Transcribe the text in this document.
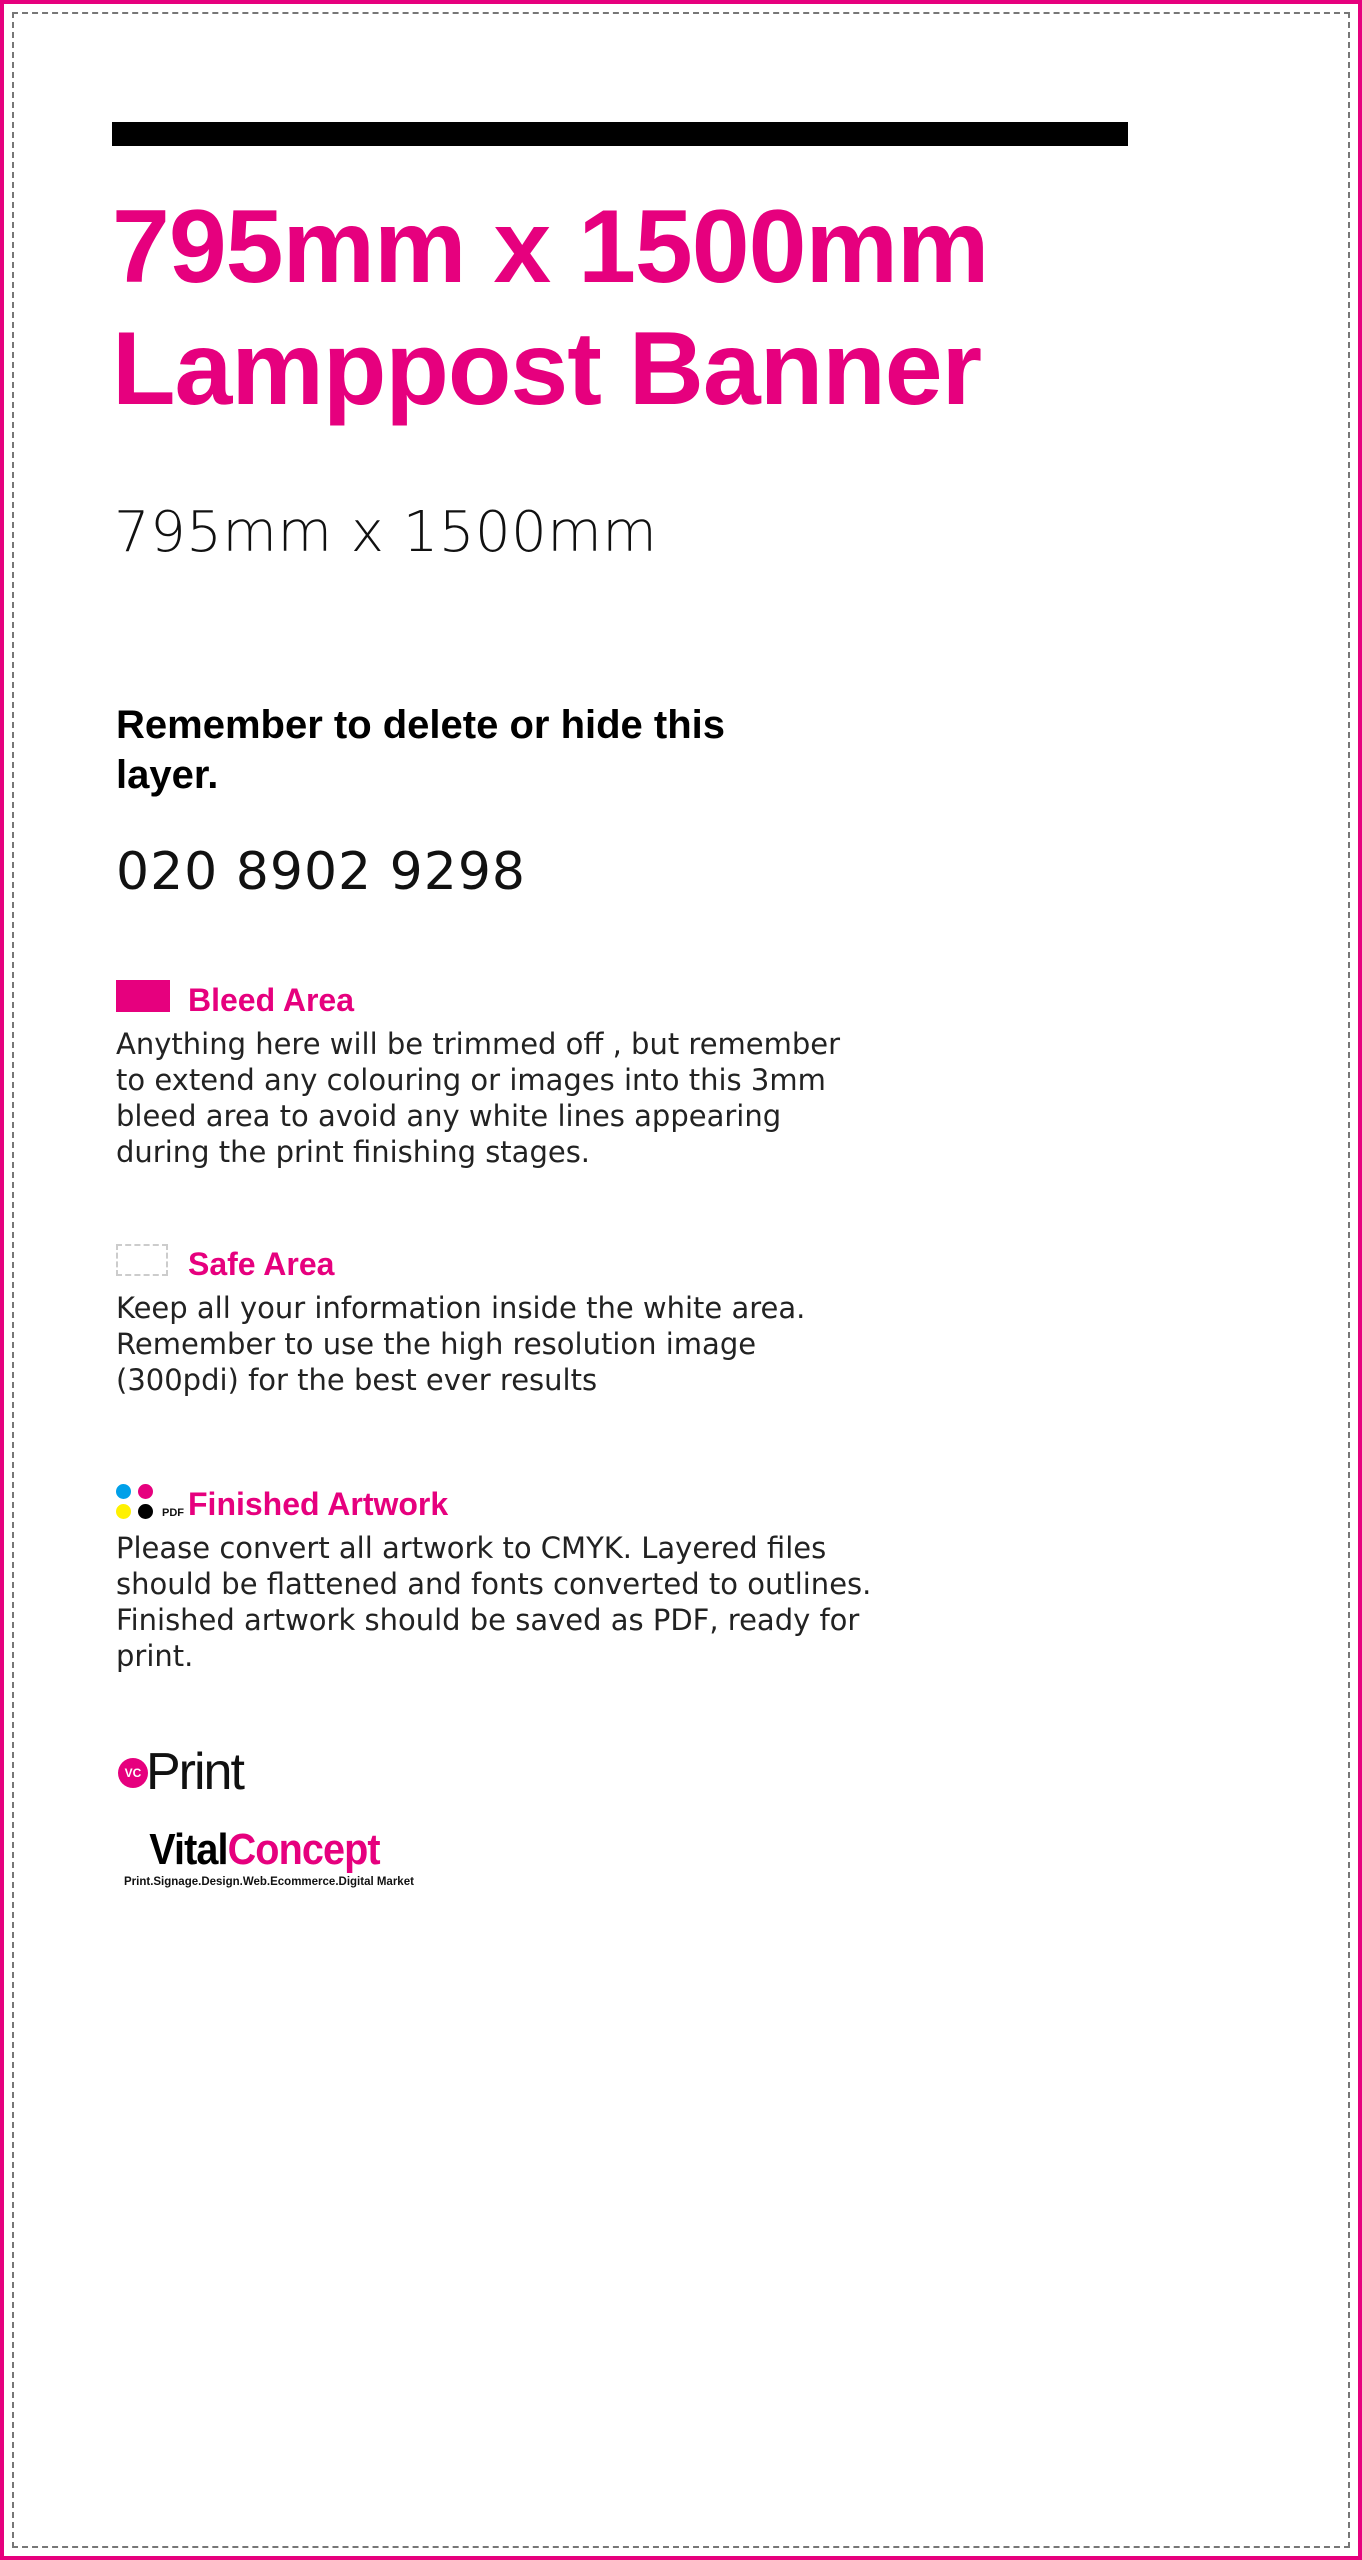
795mm x 1500mm
Lamppost Banner
795mm x 1500mm
Remember to delete or hide this layer.
020 8902 9298
Bleed Area
Anything here will be trimmed off , but remember to extend any colouring or images into this 3mm bleed area to avoid any white lines appearing during the print finishing stages.
Safe Area
Keep all your information inside the white area. Remember to use the high resolution image (300pdi) for the best ever results
PDF Finished Artwork
Please convert all artwork to CMYK. Layered files should be flattened and fonts converted to outlines. Finished artwork should be saved as PDF, ready for print.
VC Print
VitalConcept
Print.Signage.Design.Web.Ecommerce.Digital Market
